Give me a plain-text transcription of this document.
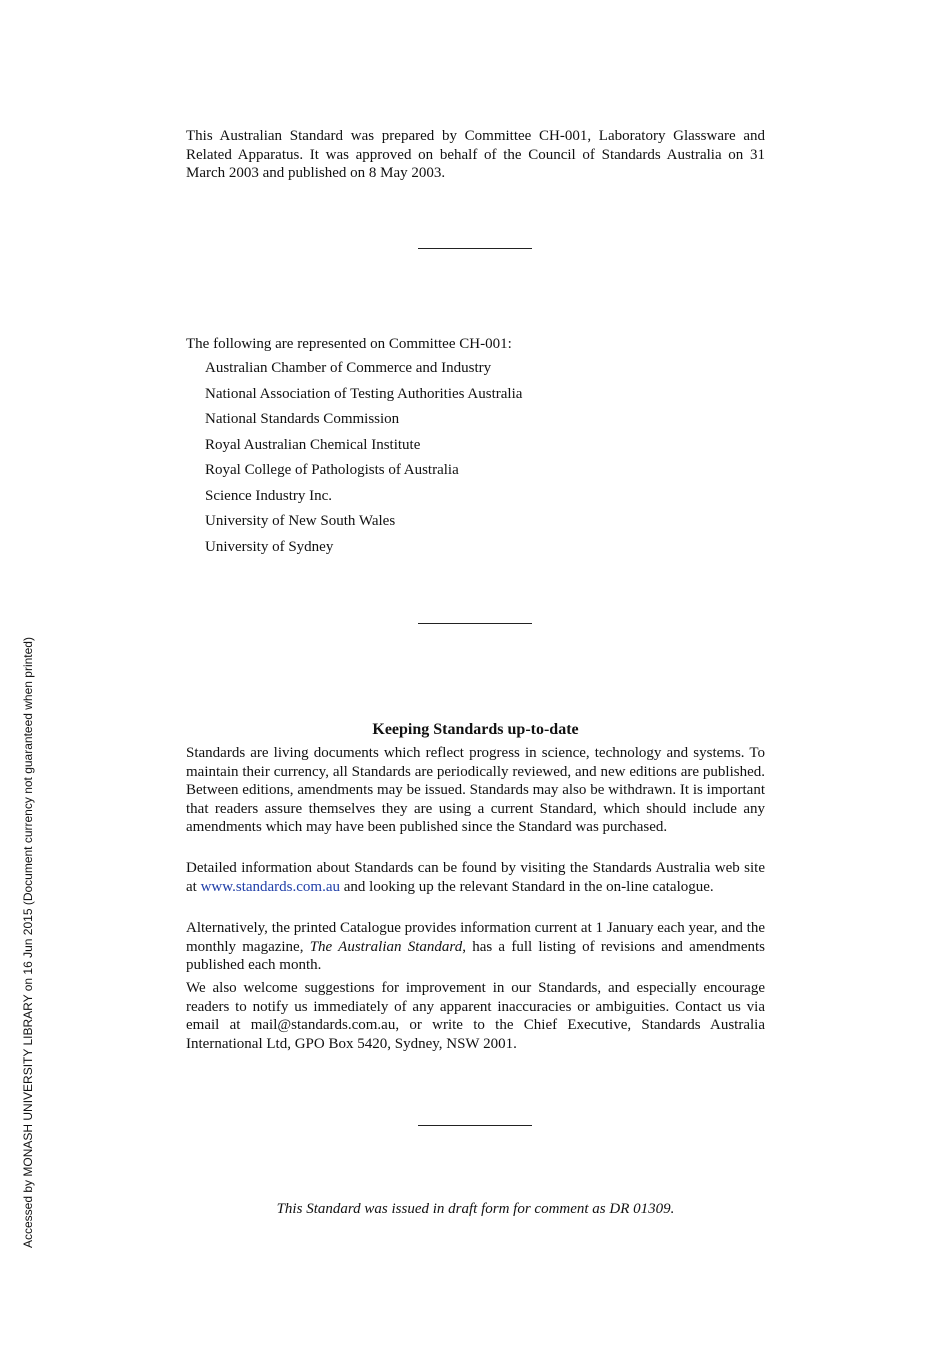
This Australian Standard was prepared by Committee CH-001, Laboratory Glassware and Related Apparatus. It was approved on behalf of the Council of Standards Australia on 31 March 2003 and published on 8 May 2003.

The following are represented on Committee CH-001:

Australian Chamber of Commerce and Industry
National Association of Testing Authorities Australia
National Standards Commission
Royal Australian Chemical Institute
Royal College of Pathologists of Australia
Science Industry Inc.
University of New South Wales
University of Sydney
Keeping Standards up-to-date

Standards are living documents which reflect progress in science, technology and systems. To maintain their currency, all Standards are periodically reviewed, and new editions are published. Between editions, amendments may be issued. Standards may also be withdrawn. It is important that readers assure themselves they are using a current Standard, which should include any amendments which may have been published since the Standard was purchased.

Detailed information about Standards can be found by visiting the Standards Australia web site at www.standards.com.au and looking up the relevant Standard in the on-line catalogue.

Alternatively, the printed Catalogue provides information current at 1 January each year, and the monthly magazine, The Australian Standard, has a full listing of revisions and amendments published each month.

We also welcome suggestions for improvement in our Standards, and especially encourage readers to notify us immediately of any apparent inaccuracies or ambiguities. Contact us via email at mail@standards.com.au, or write to the Chief Executive, Standards Australia International Ltd, GPO Box 5420, Sydney, NSW 2001.

This Standard was issued in draft form for comment as DR 01309.

Accessed by MONASH UNIVERSITY LIBRARY on 16 Jun 2015 (Document currency not guaranteed when printed)
